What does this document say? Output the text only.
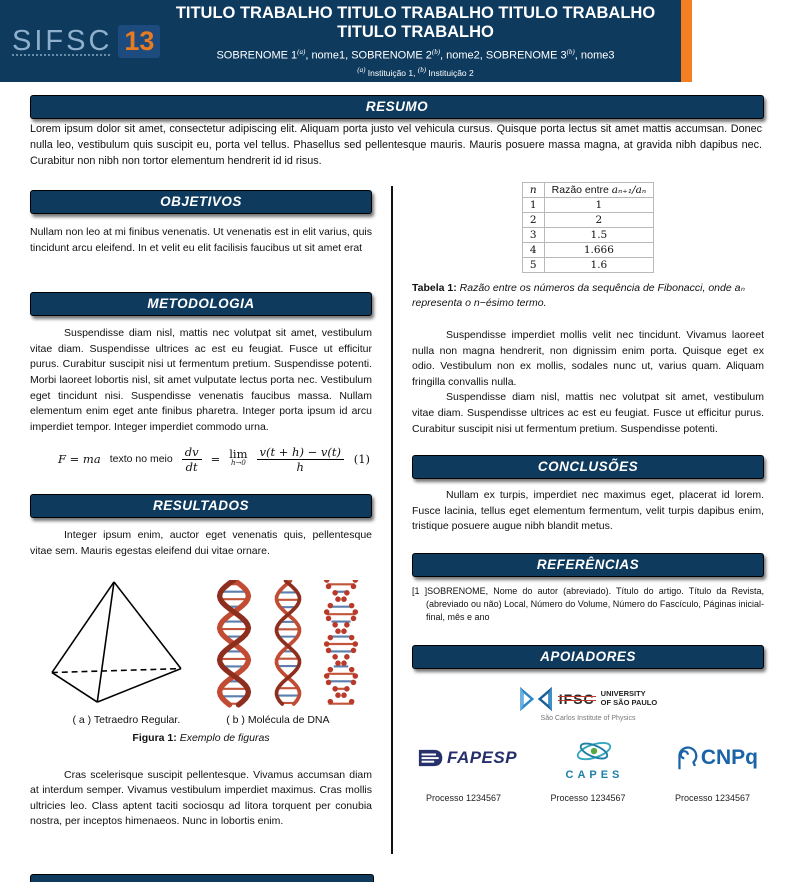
SIFSC 13
TITULO TRABALHO TITULO TRABALHO TITULO TRABALHO
TITULO TRABALHO
SOBRENOME 1$^{(a)}$, nome1, SOBRENOME 2$^{(b)}$, nome2, SOBRENOME 3$^{(b)}$, nome3
$^{(a)}$ Instituição 1, $^{(b)}$ Instituição 2
RESUMO
Lorem ipsum dolor sit amet, consectetur adipiscing elit. Aliquam porta justo vel vehicula cursus. Quisque porta lectus sit amet mattis accumsan. Donec nulla leo, vestibulum quis suscipit eu, porta vel tellus. Phasellus sed pellentesque mauris. Mauris posuere massa magna, at gravida nibh dapibus nec. Curabitur non nibh non tortor elementum hendrerit id id risus.
OBJETIVOS

Nullam non leo at mi finibus venenatis. Ut venenatis est in elit varius, quis tincidunt arcu eleifend. In et velit eu elit facilisis faucibus ut sit amet erat

METODOLOGIA

Suspendisse diam nisl, mattis nec volutpat sit amet, vestibulum vitae diam. Suspendisse ultrices ac est eu feugiat. Fusce ut efficitur purus. Curabitur suscipit nisi ut fermentum pretium. Suspendisse potenti. Morbi laoreet lobortis nisl, sit amet vulputate lectus porta nec. Vestibulum eget tincidunt nisi. Suspendisse venenatis faucibus massa. Nullam elementum enim eget ante finibus pharetra. Integer porta ipsum id arcu imperdiet tempor. Integer imperdiet commodo urna.

F = ma texto no meio $\frac{dv}{dt} = \lim$
$h\to 0 \frac{v(t + h) - v(t)}{h} (1)$
RESULTADOS

Integer ipsum enim, auctor eget venenatis quis, pellentesque vitae sem. Mauris egestas eleifend dui vitae ornare.

( a ) Tetraedro Regular.	( b ) Molécula de DNA
Figura 1: Exemplo de figuras

Cras scelerisque suscipit pellentesque. Vivamus accumsan diam at interdum semper. Vivamus vestibulum imperdiet maximus. Cras mollis ultricies leo. Class aptent taciti sociosqu ad litora torquent per conubia nostra, per inceptos himenaeos. Nunc in lobortis enim.

n	Razão entre aₙ₊₁/aₙ
1	1
2	2
3	1.5
4	1.666
5	1.6
Tabela 1: Razão entre os números da sequência de Fibonacci, onde aₙ representa o n−ésimo termo.

Suspendisse imperdiet mollis velit nec tincidunt. Vivamus laoreet nulla non magna hendrerit, non dignissim enim porta. Quisque eget ex odio. Vestibulum non ex mollis, sodales nunc ut, varius quam. Aliquam fringilla convallis nulla.

Suspendisse diam nisl, mattis nec volutpat sit amet, vestibulum vitae diam. Suspendisse ultrices ac est eu feugiat. Fusce ut efficitur purus. Curabitur suscipit nisi ut fermentum pretium. Suspendisse potenti.

CONCLUSÕES

Nullam ex turpis, imperdiet nec maximus eget, placerat id lorem. Fusce lacinia, tellus eget elementum fermentum, velit turpis dapibus enim, tristique posuere augue nibh blandit metus.

REFERÊNCIAS
[1 ]SOBRENOME, Nome do autor (abreviado). Título do artigo. Título da Revista, (abreviado ou não) Local, Número do Volume, Número do Fascículo, Páginas inicial-final, mês e ano
APOIADORES
IFSC UNIVERSITY
OF SÃO PAULO
São Carlos Institute of Physics
FAPESP
CAPES
CNPq
Processo 1234567	Processo 1234567	Processo 1234567
